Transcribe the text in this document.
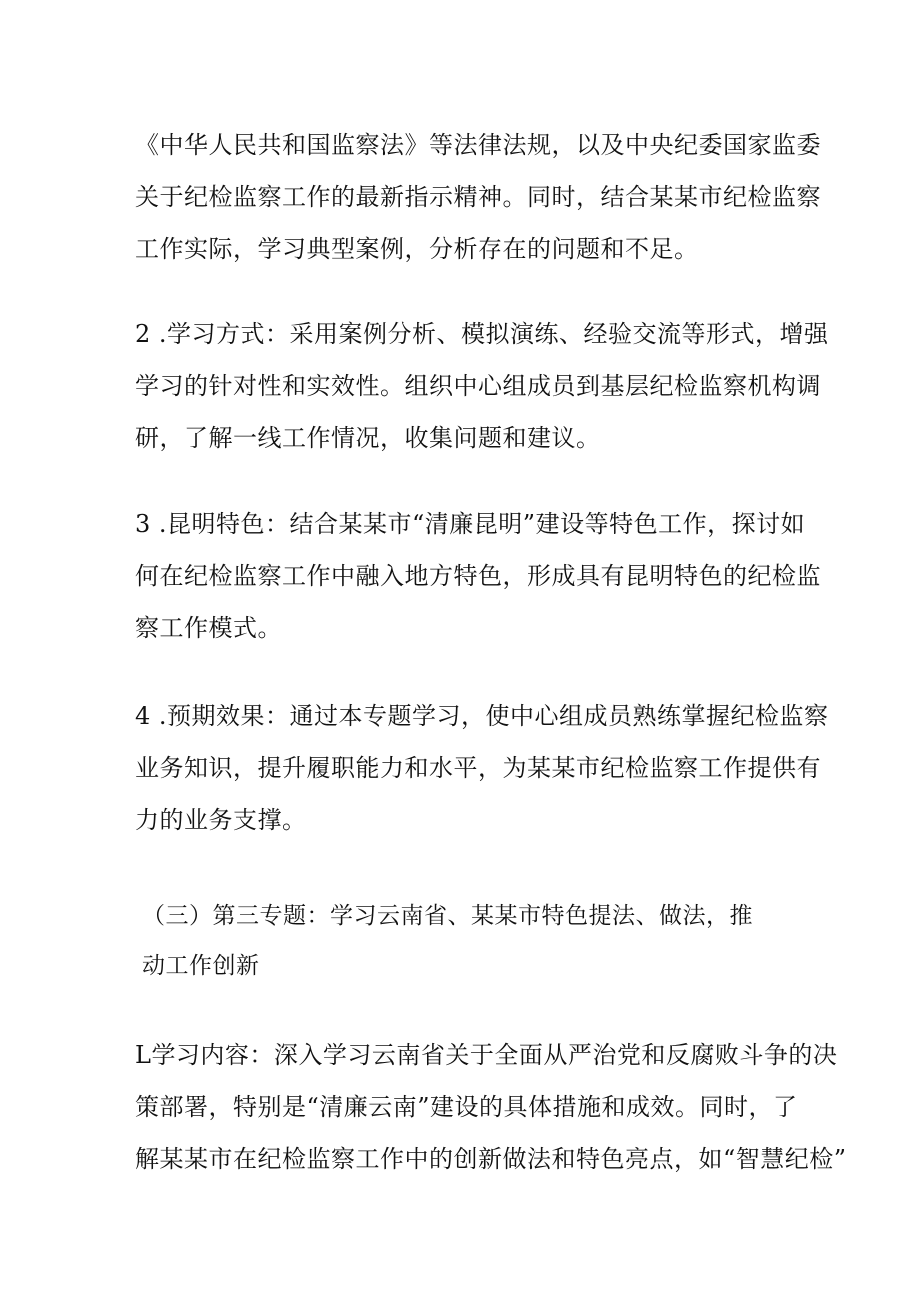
《中华人民共和国监察法》等法律法规，以及中央纪委国家监委
关于纪检监察工作的最新指示精神。同时，结合某某市纪检监察
工作实际，学习典型案例，分析存在的问题和不足。
2 .学习方式：采用案例分析、模拟演练、经验交流等形式，增强
学习的针对性和实效性。组织中心组成员到基层纪检监察机构调
研，了解一线工作情况，收集问题和建议。
3 .昆明特色：结合某某市“清廉昆明”建设等特色工作，探讨如
何在纪检监察工作中融入地方特色，形成具有昆明特色的纪检监
察工作模式。
4 .预期效果：通过本专题学习，使中心组成员熟练掌握纪检监察
业务知识，提升履职能力和水平，为某某市纪检监察工作提供有
力的业务支撑。
（三）第三专题：学习云南省、某某市特色提法、做法，推
动工作创新
L学习内容：深入学习云南省关于全面从严治党和反腐败斗争的决
策部署，特别是“清廉云南”建设的具体措施和成效。同时，了
解某某市在纪检监察工作中的创新做法和特色亮点，如“智慧纪检”
